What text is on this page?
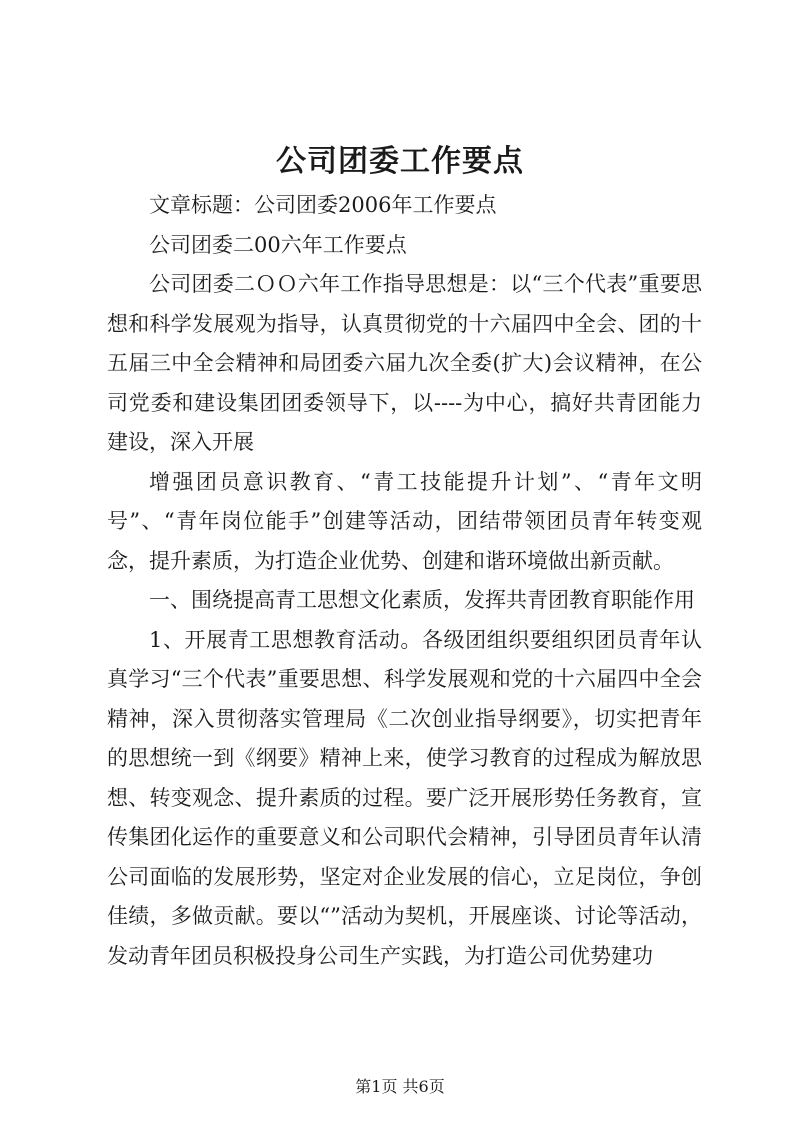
公司团委工作要点

文章标题：公司团委2006年工作要点

公司团委二00六年工作要点

公司团委二ＯＯ六年工作指导思想是：以“三个代表”重要思想和科学发展观为指导，认真贯彻党的十六届四中全会、团的十五届三中全会精神和局团委六届九次全委(扩大)会议精神，在公司党委和建设集团团委领导下，以----为中心，搞好共青团能力建设，深入开展

增强团员意识教育、“青工技能提升计划”、“青年文明号”、“青年岗位能手”创建等活动，团结带领团员青年转变观念，提升素质，为打造企业优势、创建和谐环境做出新贡献。

一、围绕提高青工思想文化素质，发挥共青团教育职能作用

1、开展青工思想教育活动。各级团组织要组织团员青年认真学习“三个代表”重要思想、科学发展观和党的十六届四中全会精神，深入贯彻落实管理局《二次创业指导纲要》，切实把青年的思想统一到《纲要》精神上来，使学习教育的过程成为解放思想、转变观念、提升素质的过程。要广泛开展形势任务教育，宣传集团化运作的重要意义和公司职代会精神，引导团员青年认清公司面临的发展形势，坚定对企业发展的信心，立足岗位，争创佳绩，多做贡献。要以“”活动为契机，开展座谈、讨论等活动，发动青年团员积极投身公司生产实践，为打造公司优势建功

第1页 共6页
